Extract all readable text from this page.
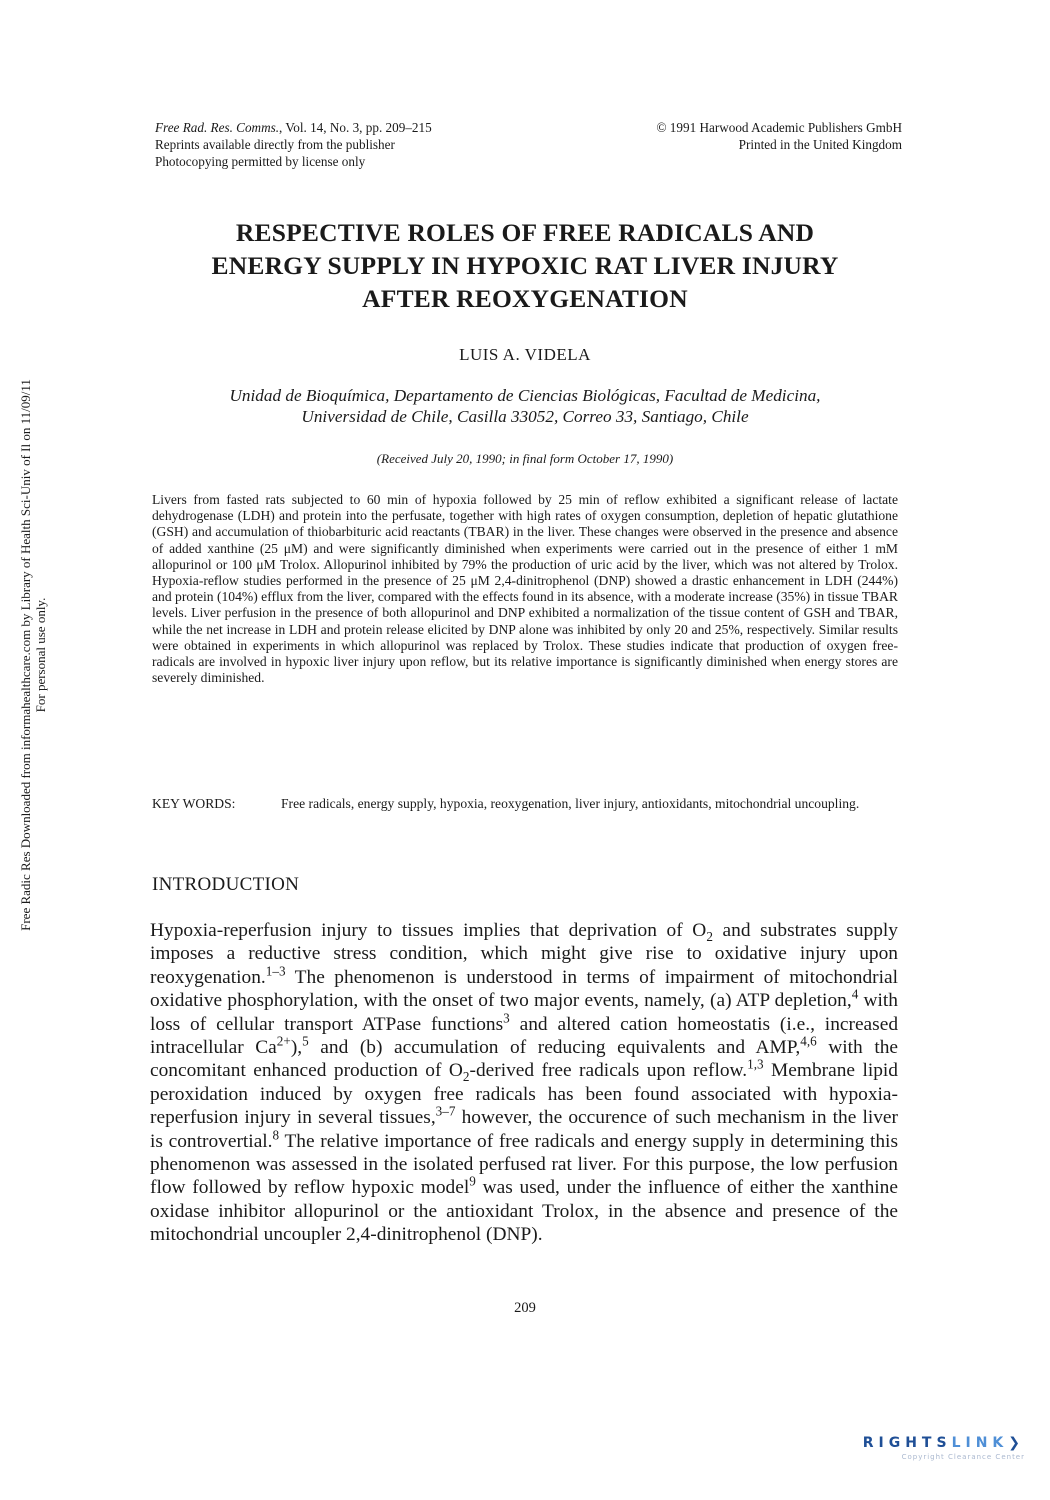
Free Rad. Res. Comms., Vol. 14, No. 3, pp. 209–215
Reprints available directly from the publisher
Photocopying permitted by license only
© 1991 Harwood Academic Publishers GmbH
Printed in the United Kingdom
RESPECTIVE ROLES OF FREE RADICALS AND
ENERGY SUPPLY IN HYPOXIC RAT LIVER INJURY
AFTER REOXYGENATION
LUIS A. VIDELA
Unidad de Bioquímica, Departamento de Ciencias Biológicas, Facultad de Medicina,
Universidad de Chile, Casilla 33052, Correo 33, Santiago, Chile
(Received July 20, 1990; in final form October 17, 1990)

Livers from fasted rats subjected to 60 min of hypoxia followed by 25 min of reflow exhibited a significant release of lactate dehydrogenase (LDH) and protein into the perfusate, together with high rates of oxygen consumption, depletion of hepatic glutathione (GSH) and accumulation of thiobarbituric acid reactants (TBAR) in the liver. These changes were observed in the presence and absence of added xanthine (25 μM) and were significantly diminished when experiments were carried out in the presence of either 1 mM allopurinol or 100 μM Trolox. Allopurinol inhibited by 79% the production of uric acid by the liver, which was not altered by Trolox. Hypoxia-reflow studies performed in the presence of 25 μM 2,4-dinitrophenol (DNP) showed a drastic enhancement in LDH (244%) and protein (104%) efflux from the liver, compared with the effects found in its absence, with a moderate increase (35%) in tissue TBAR levels. Liver perfusion in the presence of both allopurinol and DNP exhibited a normalization of the tissue content of GSH and TBAR, while the net increase in LDH and protein release elicited by DNP alone was inhibited by only 20 and 25%, respectively. Similar results were obtained in experiments in which allopurinol was replaced by Trolox. These studies indicate that production of oxygen free-radicals are involved in hypoxic liver injury upon reflow, but its relative importance is significantly diminished when energy stores are severely diminished.

KEY WORDS:	Free radicals, energy supply, hypoxia, reoxygenation, liver injury, antioxidants, mitochondrial uncoupling.
INTRODUCTION

Hypoxia-reperfusion injury to tissues implies that deprivation of $O_2$ and substrates supply imposes a reductive stress condition, which might give rise to oxidative injury upon reoxygenation.$^{1-3}$ The phenomenon is understood in terms of impairment of mitochondrial oxidative phosphorylation, with the onset of two major events, namely, (a) ATP depletion,$^4$ with loss of cellular transport ATPase functions$^3$ and altered cation homeostatis (i.e., increased intracellular $Ca^{2+}),^5$ and (b) accumulation of reducing equivalents and AMP,$^{4,6}$ with the concomitant enhanced production of $O_2$-derived free radicals upon reflow.$^{1,3}$ Membrane lipid peroxidation induced by oxygen free radicals has been found associated with hypoxia-reperfusion injury in several tissues,$^{3-7}$ however, the occurence of such mechanism in the liver is controvertial.$^8$ The relative importance of free radicals and energy supply in determining this phenomenon was assessed in the isolated perfused rat liver. For this purpose, the low perfusion flow followed by reflow hypoxic model$^9$ was used, under the influence of either the xanthine oxidase inhibitor allopurinol or the antioxidant Trolox, in the absence and presence of the mitochondrial uncoupler 2,4-dinitrophenol (DNP).

209
Free Radic Res Downloaded from informahealthcare.com by Library of Health Sci-Univ of Il on 11/09/11 For personal use only.
RIGHTSLINK❯
Copyright Clearance Center
